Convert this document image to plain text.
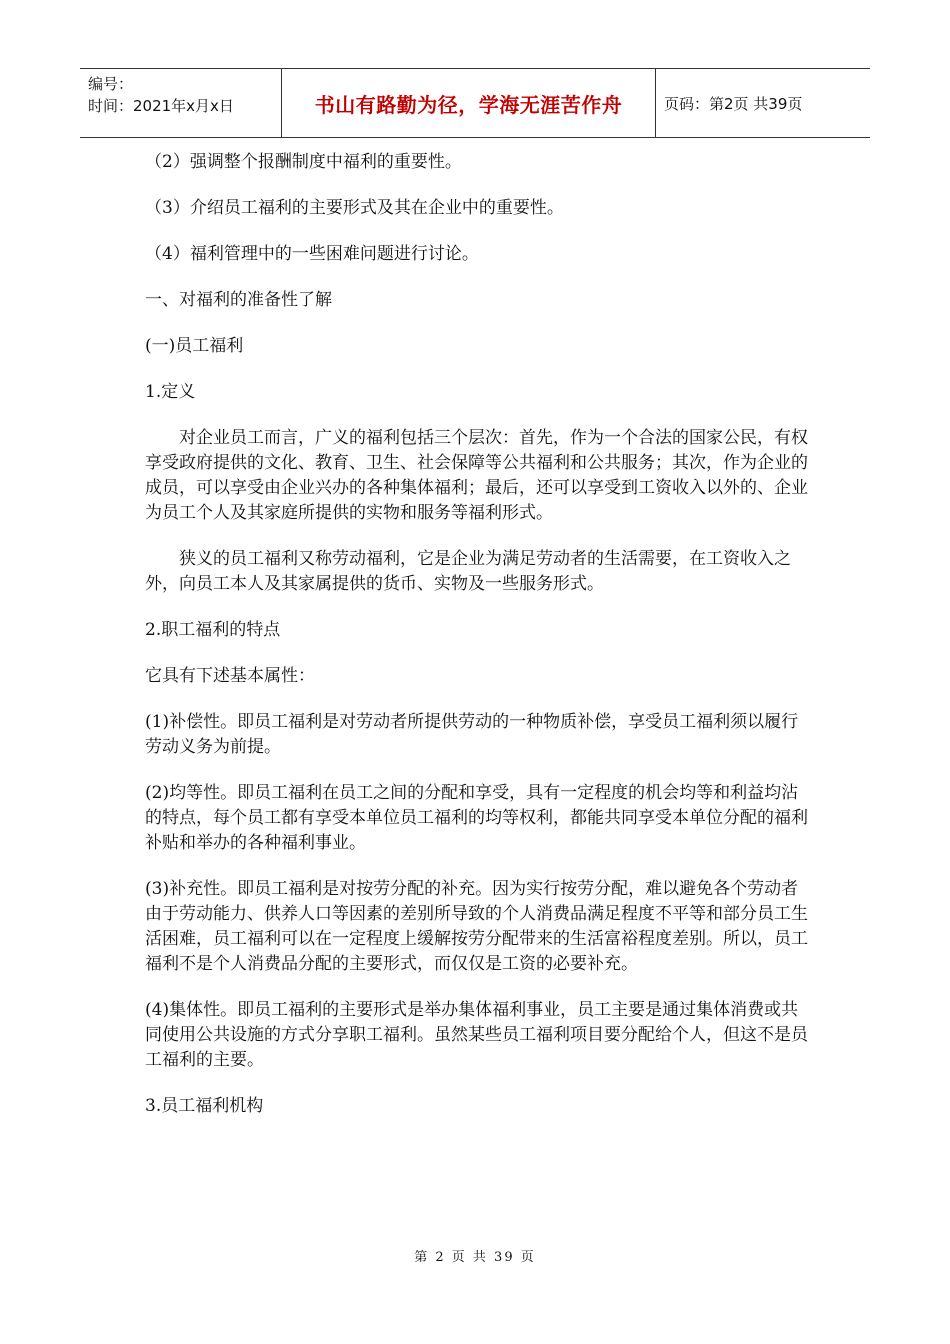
编号：
时间：2021年x月x日	书山有路勤为径，学海无涯苦作舟	页码：第2页 共39页

（2）强调整个报酬制度中福利的重要性。

（3）介绍员工福利的主要形式及其在企业中的重要性。

（4）福利管理中的一些困难问题进行讨论。

一、对福利的准备性了解

(一)员工福利

1.定义

对企业员工而言，广义的福利包括三个层次：首先，作为一个合法的国家公民，有权享受政府提供的文化、教育、卫生、社会保障等公共福利和公共服务；其次，作为企业的成员，可以享受由企业兴办的各种集体福利；最后，还可以享受到工资收入以外的、企业为员工个人及其家庭所提供的实物和服务等福利形式。

狭义的员工福利又称劳动福利，它是企业为满足劳动者的生活需要，在工资收入之外，向员工本人及其家属提供的货币、实物及一些服务形式。

2.职工福利的特点

它具有下述基本属性：

(1)补偿性。即员工福利是对劳动者所提供劳动的一种物质补偿，享受员工福利须以履行劳动义务为前提。

(2)均等性。即员工福利在员工之间的分配和享受，具有一定程度的机会均等和利益均沾的特点，每个员工都有享受本单位员工福利的均等权利，都能共同享受本单位分配的福利补贴和举办的各种福利事业。

(3)补充性。即员工福利是对按劳分配的补充。因为实行按劳分配，难以避免各个劳动者由于劳动能力、供养人口等因素的差别所导致的个人消费品满足程度不平等和部分员工生活困难，员工福利可以在一定程度上缓解按劳分配带来的生活富裕程度差别。所以，员工福利不是个人消费品分配的主要形式，而仅仅是工资的必要补充。

(4)集体性。即员工福利的主要形式是举办集体福利事业，员工主要是通过集体消费或共同使用公共设施的方式分享职工福利。虽然某些员工福利项目要分配给个人，但这不是员工福利的主要。

3.员工福利机构

第 2 页 共 39 页
